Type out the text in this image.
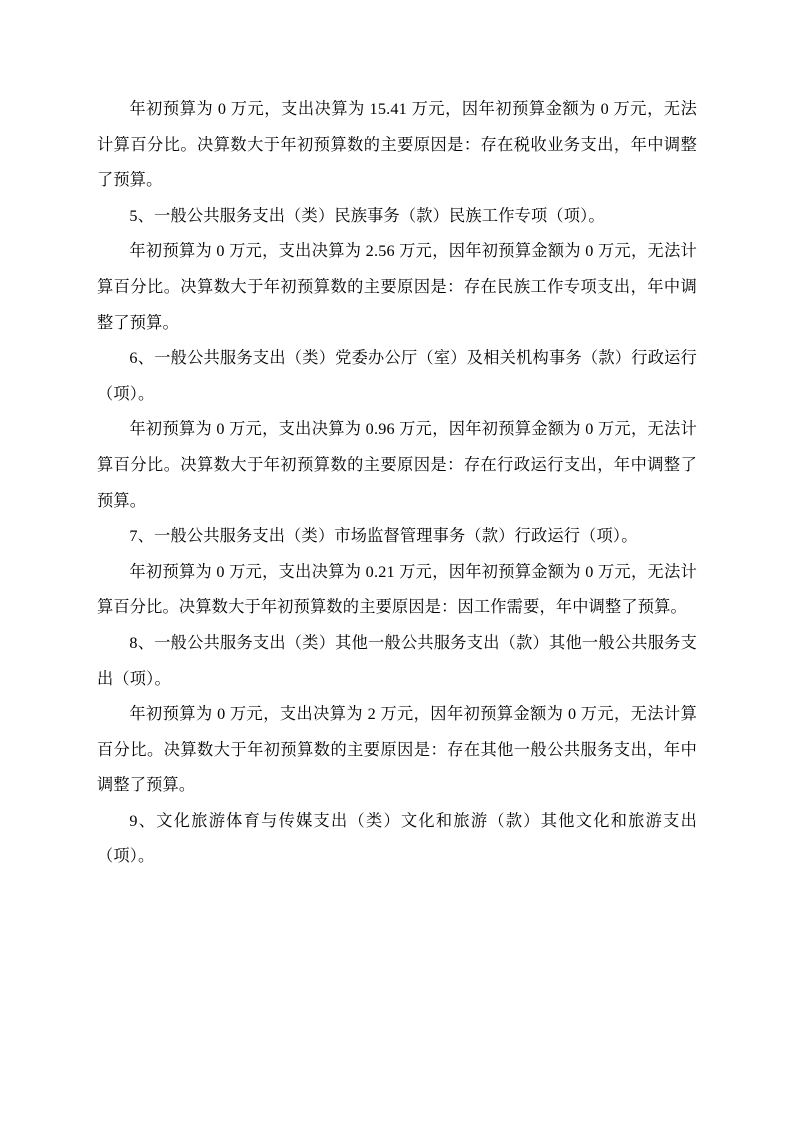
年初预算为 0 万元，支出决算为 15.41 万元，因年初预算金额为 0 万元，无法计算百分比。决算数大于年初预算数的主要原因是：存在税收业务支出，年中调整了预算。

5、一般公共服务支出（类）民族事务（款）民族工作专项（项）。

年初预算为 0 万元，支出决算为 2.56 万元，因年初预算金额为 0 万元，无法计算百分比。决算数大于年初预算数的主要原因是：存在民族工作专项支出，年中调整了预算。

6、一般公共服务支出（类）党委办公厅（室）及相关机构事务（款）行政运行（项）。

年初预算为 0 万元，支出决算为 0.96 万元，因年初预算金额为 0 万元，无法计算百分比。决算数大于年初预算数的主要原因是：存在行政运行支出，年中调整了预算。

7、一般公共服务支出（类）市场监督管理事务（款）行政运行（项）。

年初预算为 0 万元，支出决算为 0.21 万元，因年初预算金额为 0 万元，无法计算百分比。决算数大于年初预算数的主要原因是：因工作需要，年中调整了预算。

8、一般公共服务支出（类）其他一般公共服务支出（款）其他一般公共服务支出（项）。

年初预算为 0 万元，支出决算为 2 万元，因年初预算金额为 0 万元，无法计算百分比。决算数大于年初预算数的主要原因是：存在其他一般公共服务支出，年中调整了预算。

9、文化旅游体育与传媒支出（类）文化和旅游（款）其他文化和旅游支出（项）。
